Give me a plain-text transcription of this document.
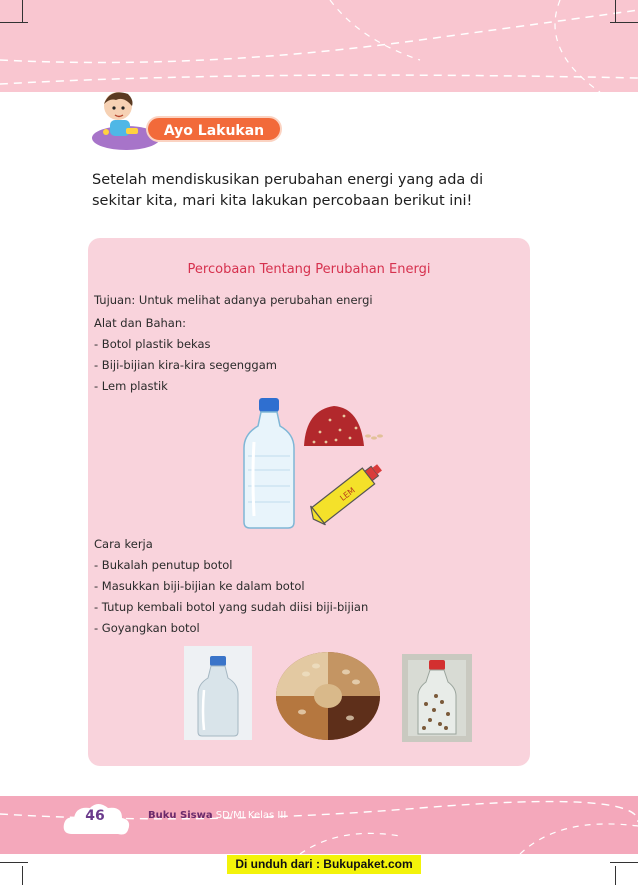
Ayo Lakukan
Setelah mendiskusikan perubahan energi yang ada di sekitar kita, mari kita lakukan percobaan berikut ini!
Percobaan Tentang Perubahan Energi
Tujuan: Untuk melihat adanya perubahan energi
Alat dan Bahan:
- Botol plastik bekas
- Biji-bijian kira-kira segenggam
- Lem plastik
LEM
Cara kerja
- Bukalah penutup botol
- Masukkan biji-bijian ke dalam botol
- Tutup kembali botol yang sudah diisi biji-bijian
- Goyangkan botol
46	Buku Siswa SD/MI Kelas III
Di unduh dari : Bukupaket.com
